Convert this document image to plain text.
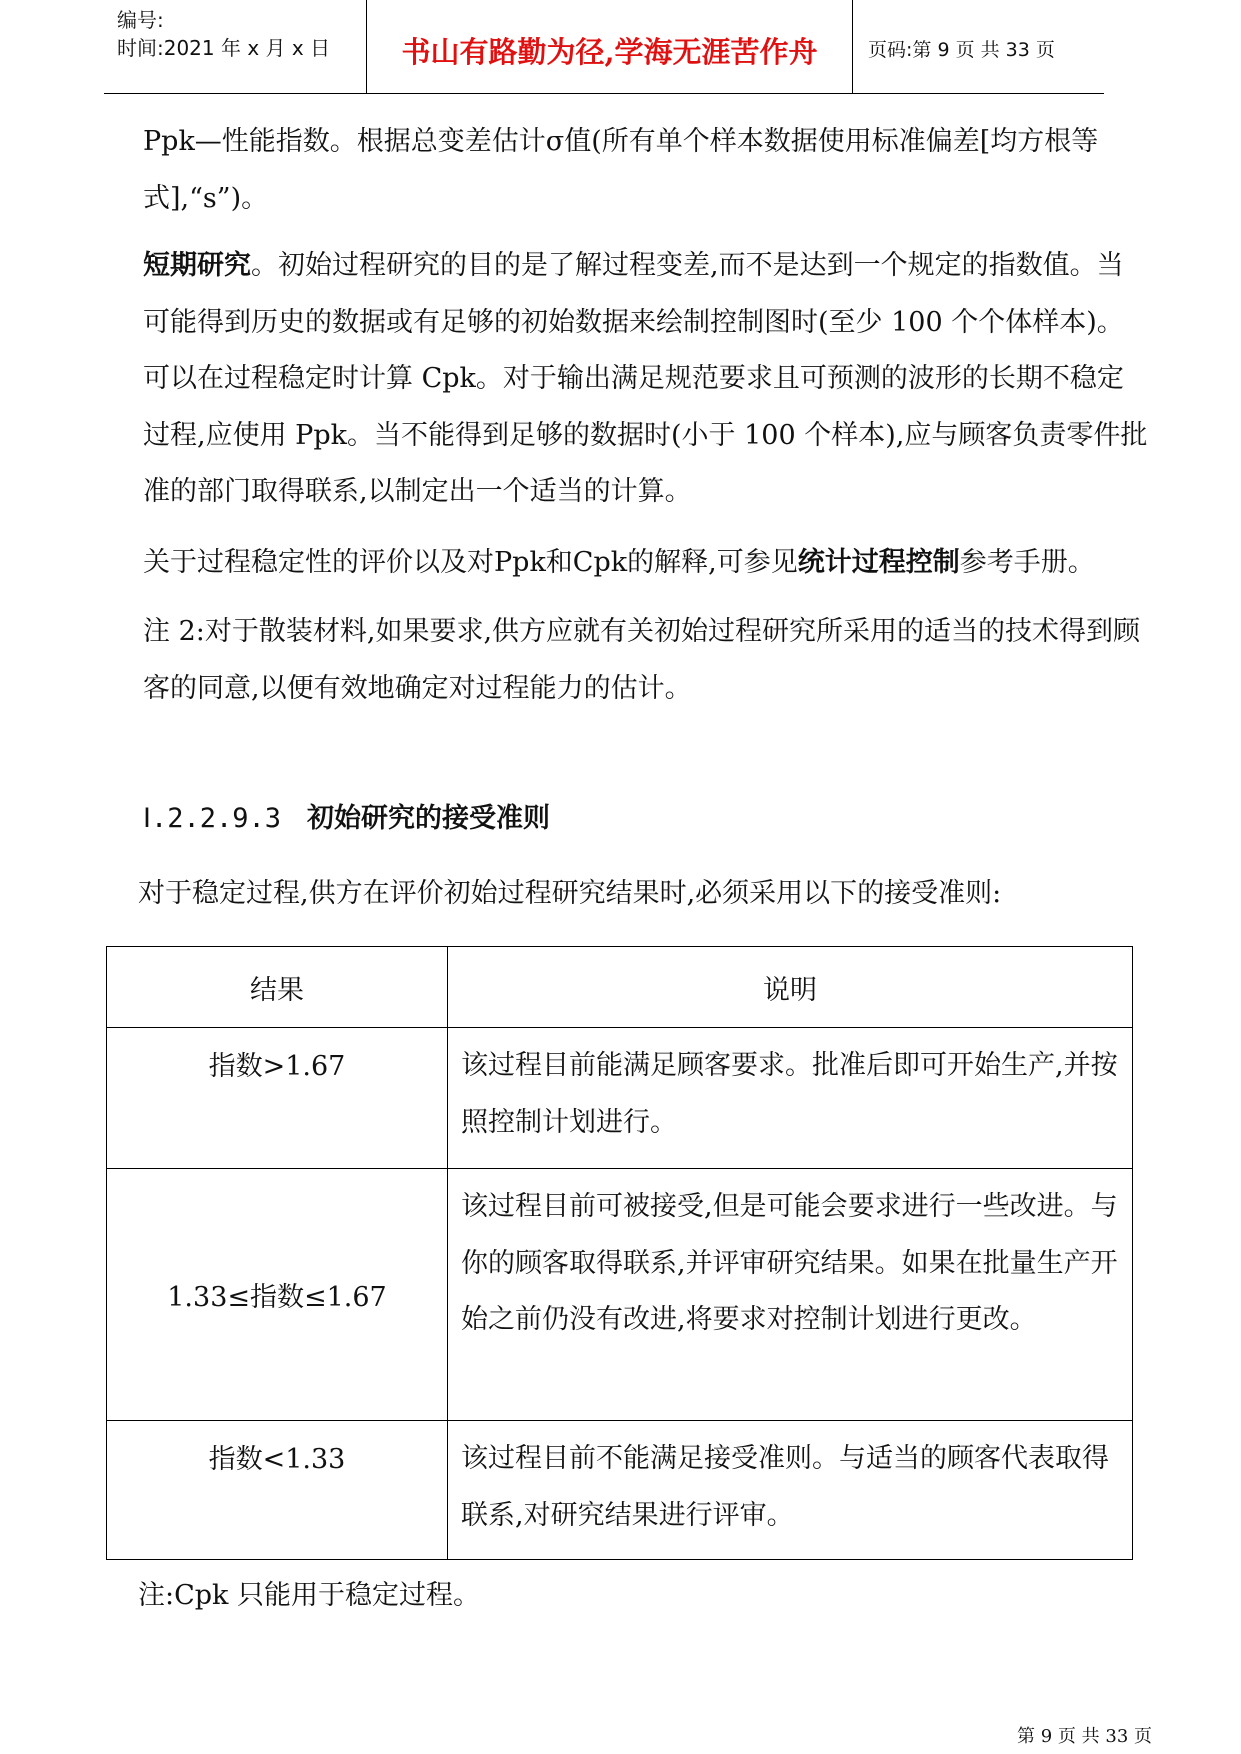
编号:
时间:2021 年 x 月 x 日	书山有路勤为径,学海无涯苦作舟	页码:第 9 页 共 33 页
Ppk—性能指数。根据总变差估计σ值(所有单个样本数据使用标准偏差[均方根等式],“s”)。
短期研究。初始过程研究的目的是了解过程变差,而不是达到一个规定的指数值。当可能得到历史的数据或有足够的初始数据来绘制控制图时(至少 100 个个体样本)。可以在过程稳定时计算 Cpk。对于输出满足规范要求且可预测的波形的长期不稳定过程,应使用 Ppk。当不能得到足够的数据时(小于 100 个样本),应与顾客负责零件批准的部门取得联系,以制定出一个适当的计算。
关于过程稳定性的评价以及对Ppk和Cpk的解释,可参见统计过程控制参考手册。
注 2:对于散装材料,如果要求,供方应就有关初始过程研究所采用的适当的技术得到顾客的同意,以便有效地确定对过程能力的估计。
Ⅰ.2.2.9.3 初始研究的接受准则
对于稳定过程,供方在评价初始过程研究结果时,必须采用以下的接受准则:
结果	说明
指数>1.67	该过程目前能满足顾客要求。批准后即可开始生产,并按照控制计划进行。
1.33≤指数≤1.67	该过程目前可被接受,但是可能会要求进行一些改进。与你的顾客取得联系,并评审研究结果。如果在批量生产开始之前仍没有改进,将要求对控制计划进行更改。
指数<1.33	该过程目前不能满足接受准则。与适当的顾客代表取得联系,对研究结果进行评审。
注:Cpk 只能用于稳定过程。
第 9 页 共 33 页
